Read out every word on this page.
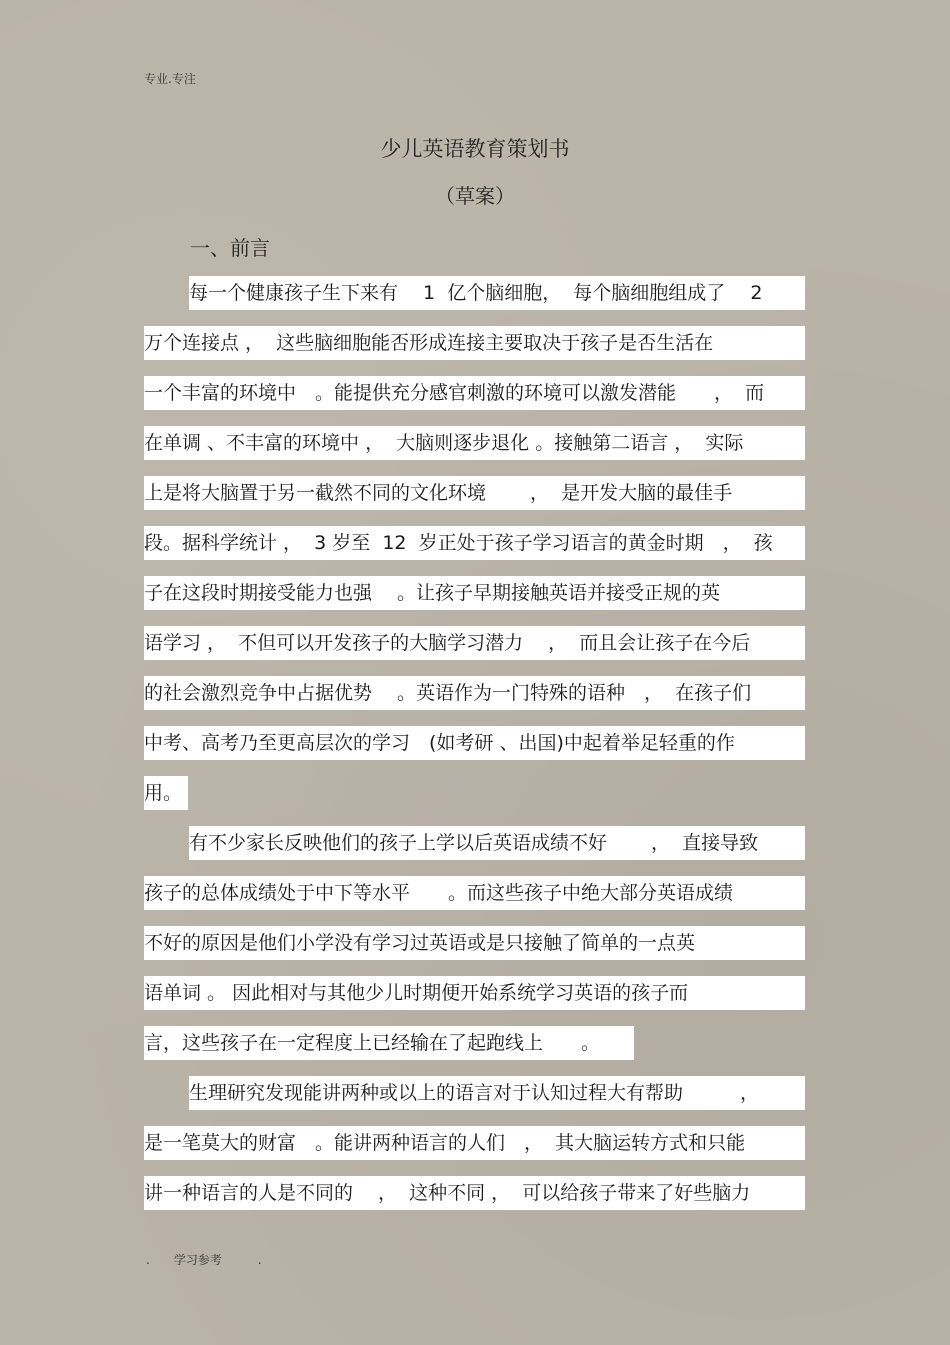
专业.专注
少儿英语教育策划书
（草案）
一、前言
每一个健康孩子生下来有　 1  亿个脑细胞，  每个脑细胞组成了　 2
万个连接点 ，  这些脑细胞能否形成连接主要取决于孩子是否生活在
一个丰富的环境中　。能提供充分感官刺激的环境可以激发潜能　　，  而
在单调 、不丰富的环境中 ，  大脑则逐步退化 。接触第二语言 ，  实际
上是将大脑置于另一截然不同的文化环境　　 ，  是开发大脑的最佳手
段。据科学统计 ，  3 岁至  12  岁正处于孩子学习语言的黄金时期　，  孩
子在这段时期接受能力也强　 。让孩子早期接触英语并接受正规的英
语学习 ，  不但可以开发孩子的大脑学习潜力　 ，  而且会让孩子在今后
的社会激烈竞争中占据优势　 。英语作为一门特殊的语种　，  在孩子们
中考、高考乃至更高层次的学习　(如考研 、出国)中起着举足轻重的作
用。
有不少家长反映他们的孩子上学以后英语成绩不好　　 ，  直接导致
孩子的总体成绩处于中下等水平　　。而这些孩子中绝大部分英语成绩
不好的原因是他们小学没有学习过英语或是只接触了简单的一点英
语单词 。 因此相对与其他少儿时期便开始系统学习英语的孩子而
言，这些孩子在一定程度上已经输在了起跑线上　　。
生理研究发现能讲两种或以上的语言对于认知过程大有帮助　　　，
是一笔莫大的财富　。能讲两种语言的人们　，  其大脑运转方式和只能
讲一种语言的人是不同的　 ，  这种不同 ，  可以给孩子带来了好些脑力
.　　学习参考　　　.
